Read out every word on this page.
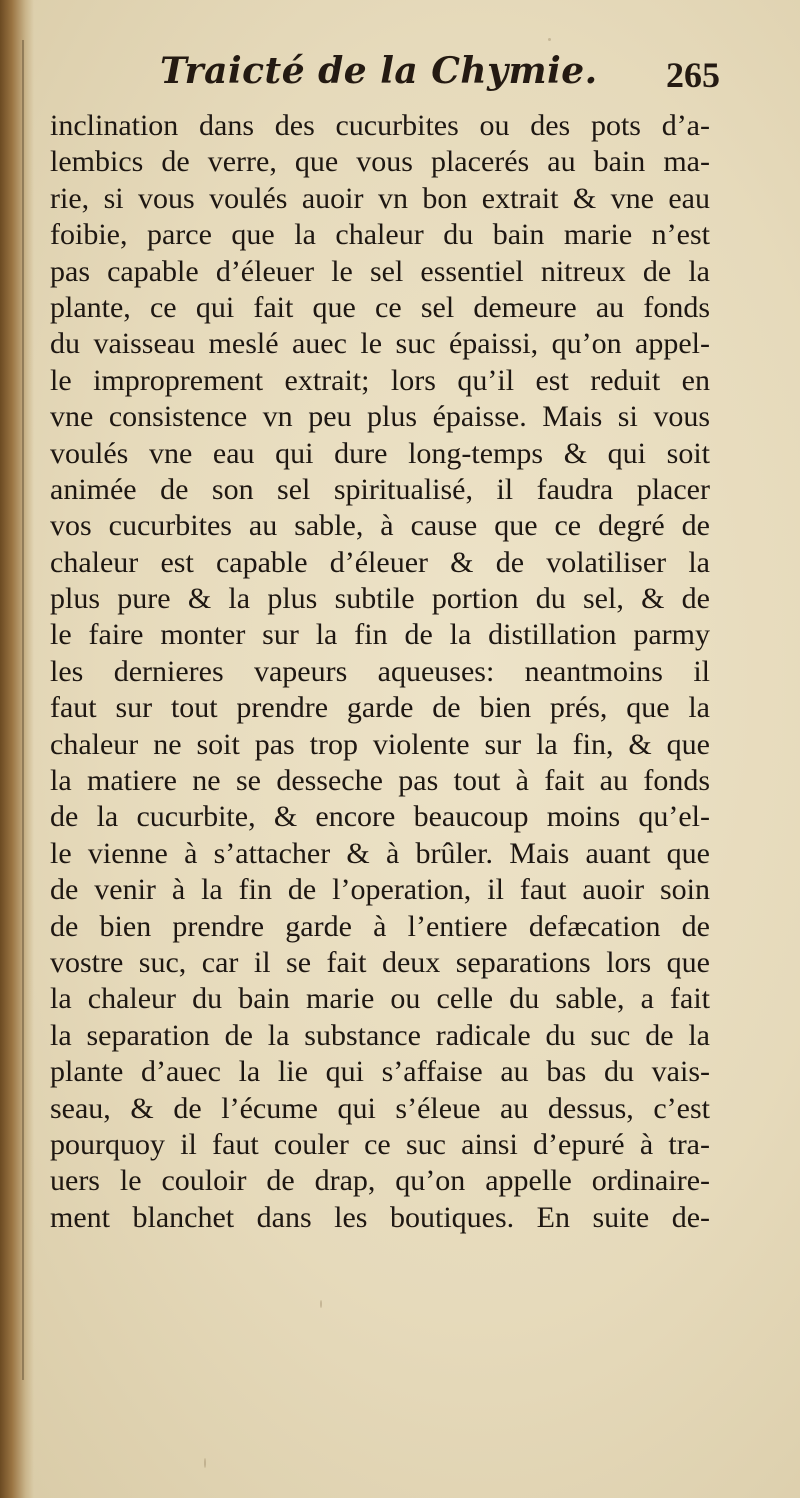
Traicté de la Chymie. 265
inclination dans des cucurbites ou des pots d’a-
lembics de verre, que vous placerés au bain ma-
rie, si vous voulés auoir vn bon extrait & vne eau
foibie, parce que la chaleur du bain marie n’est
pas capable d’éleuer le sel essentiel nitreux de la
plante, ce qui fait que ce sel demeure au fonds
du vaisseau meslé auec le suc épaissi, qu’on appel-
le improprement extrait; lors qu’il est reduit en
vne consistence vn peu plus épaisse. Mais si vous
voulés vne eau qui dure long-temps & qui soit
animée de son sel spiritualisé, il faudra placer
vos cucurbites au sable, à cause que ce degré de
chaleur est capable d’éleuer & de volatiliser la
plus pure & la plus subtile portion du sel, & de
le faire monter sur la fin de la distillation parmy
les dernieres vapeurs aqueuses: neantmoins il
faut sur tout prendre garde de bien prés, que la
chaleur ne soit pas trop violente sur la fin, & que
la matiere ne se desseche pas tout à fait au fonds
de la cucurbite, & encore beaucoup moins qu’el-
le vienne à s’attacher & à brûler. Mais auant que
de venir à la fin de l’operation, il faut auoir soin
de bien prendre garde à l’entiere defæcation de
vostre suc, car il se fait deux separations lors que
la chaleur du bain marie ou celle du sable, a fait
la separation de la substance radicale du suc de la
plante d’auec la lie qui s’affaise au bas du vais-
seau, & de l’écume qui s’éleue au dessus, c’est
pourquoy il faut couler ce suc ainsi d’epuré à tra-
uers le couloir de drap, qu’on appelle ordinaire-
ment blanchet dans les boutiques. En suite de-
